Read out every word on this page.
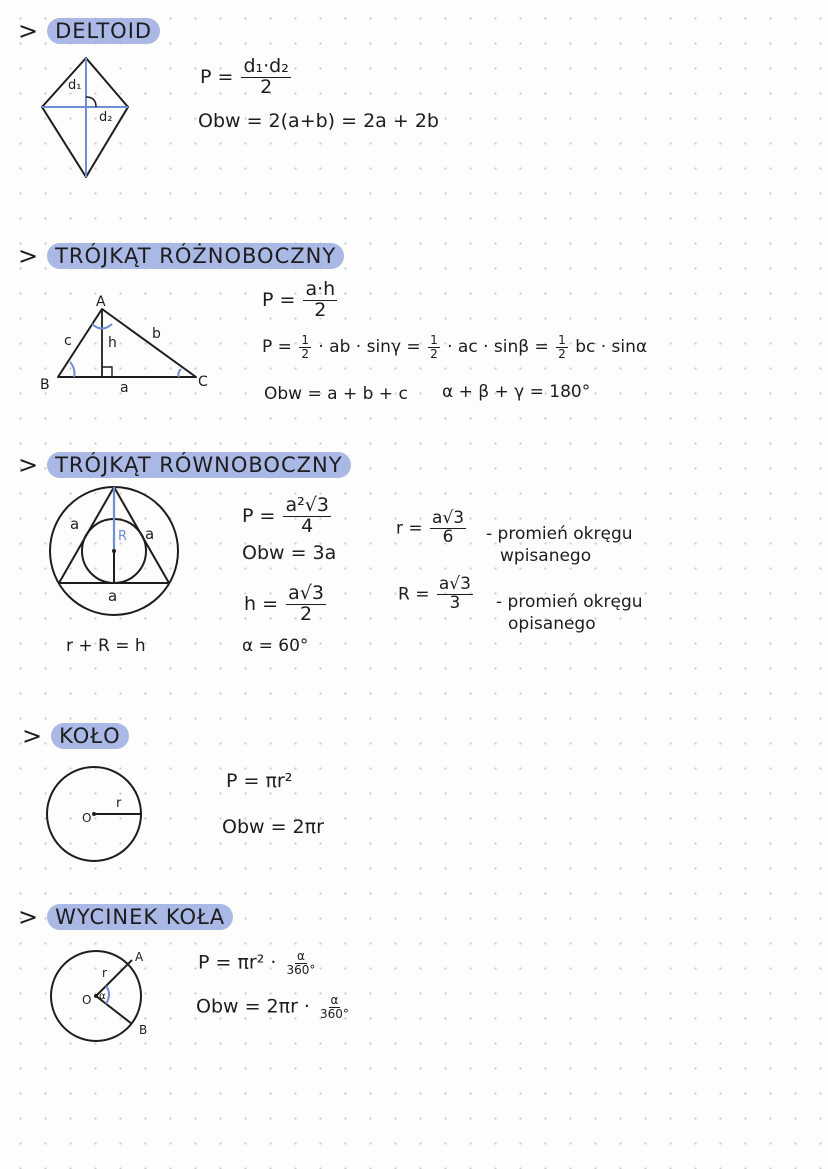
> DELTOID
d₁
d₂
$P = \frac{\text{d₁·d₂}}{2}$
Obw = 2(a+b) = 2a + 2b
> TRÓJKĄT RÓŻNOBOCZNY
A
B	C
a
b
c	h
$P = \frac{a\cdot h}{2}$
$P = \frac{1}{2}$ · ab · $\sin\gamma = \frac{1}{2}$ · ac · $\sin\beta = \frac{1}{2}$ bc · sinα
Obw = a + b + c α + β + γ = 180°
> TRÓJKĄT RÓWNOBOCZNY
R
a
a
a
r + R = h
$P = \frac{\text{a²√3}}{4}$
Obw = 3a
$h = \frac{a√3}{2}$
α = 60°
$r = \frac{a√3}{6}$ - promień okręgu
wpisanego
$R = \frac{a√3}{3}$ - promień okręgu
opisanego
> KOŁO
O
r
P = πr²
Obw = 2πr
> WYCINEK KOŁA
O
r
α
A
B
$P = \pi r^2 \cdot \frac{\alpha}{360^\circ}$
Obw = $2\pi r \cdot \frac{\alpha}{360^\circ}$
